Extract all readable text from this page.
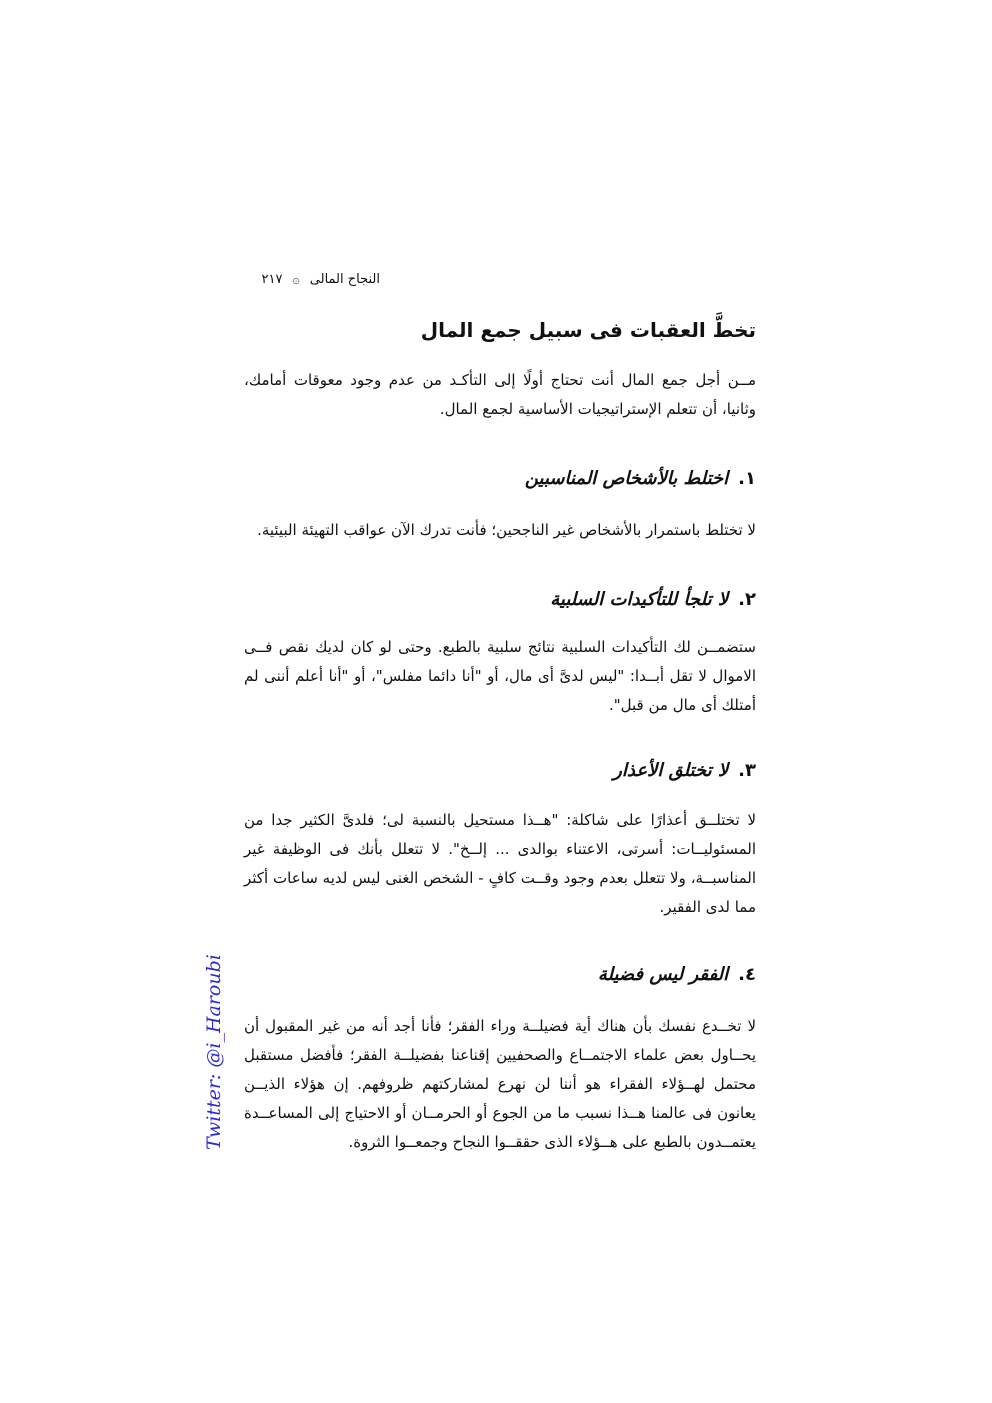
النجاح المالى ۞ ٢١٧
تخطَّ العقبات فى سبيل جمع المال

مــن أجل جمع المال أنت تحتاج أولًا إلى التأكـد من عدم وجود معوقات أمامك، وثانيا، أن تتعلم الإستراتيجيات الأساسية لجمع المال.

١.اختلط بالأشخاص المناسبين

لا تختلط باستمرار بالأشخاص غير الناجحين؛ فأنت تدرك الآن عواقب التهيئة البيئية.

٢.لا تلجأ للتأكيدات السلبية

ستضمــن لك التأكيدات السلبية نتائج سلبية بالطبع. وحتى لو كان لديك نقص فــى الاموال لا تقل أبــدا: "ليس لدىَّ أى مال، أو "أنا دائما مفلس"، أو "أنا أعلم أننى لم أمتلك أى مال من قبل".

٣.لا تختلق الأعذار

لا تختلــق أعذارًا على شاكلة: "هــذا مستحيل بالنسبة لى؛ فلدىَّ الكثير جدا من المسئوليــات: أسرتى، الاعتناء بوالدى ... إلــخ". لا تتعلل بأنك فى الوظيفة غير المناسبــة، ولا تتعلل بعدم وجود وقــت كافٍ - الشخص الغنى ليس لديه ساعات أكثر مما لدى الفقير.

٤.الفقر ليس فضيلة

لا تخــدع نفسك بأن هناك أية فضيلــة وراء الفقر؛ فأنا أجد أنه من غير المقبول أن يحــاول بعض علماء الاجتمــاع والصحفيين إقناعنا بفضيلــة الفقر؛ فأفضل مستقبل محتمل لهــؤلاء الفقراء هو أننا لن نهرع لمشاركتهم ظروفهم. إن هؤلاء الذيــن يعانون فى عالمنا هــذا نسبب ما من الجوع أو الحرمــان أو الاحتياج إلى المساعــدة يعتمــدون بالطبع على هــؤلاء الذى حققــوا النجاح وجمعــوا الثروة.

Twitter: @i_Haroubi
